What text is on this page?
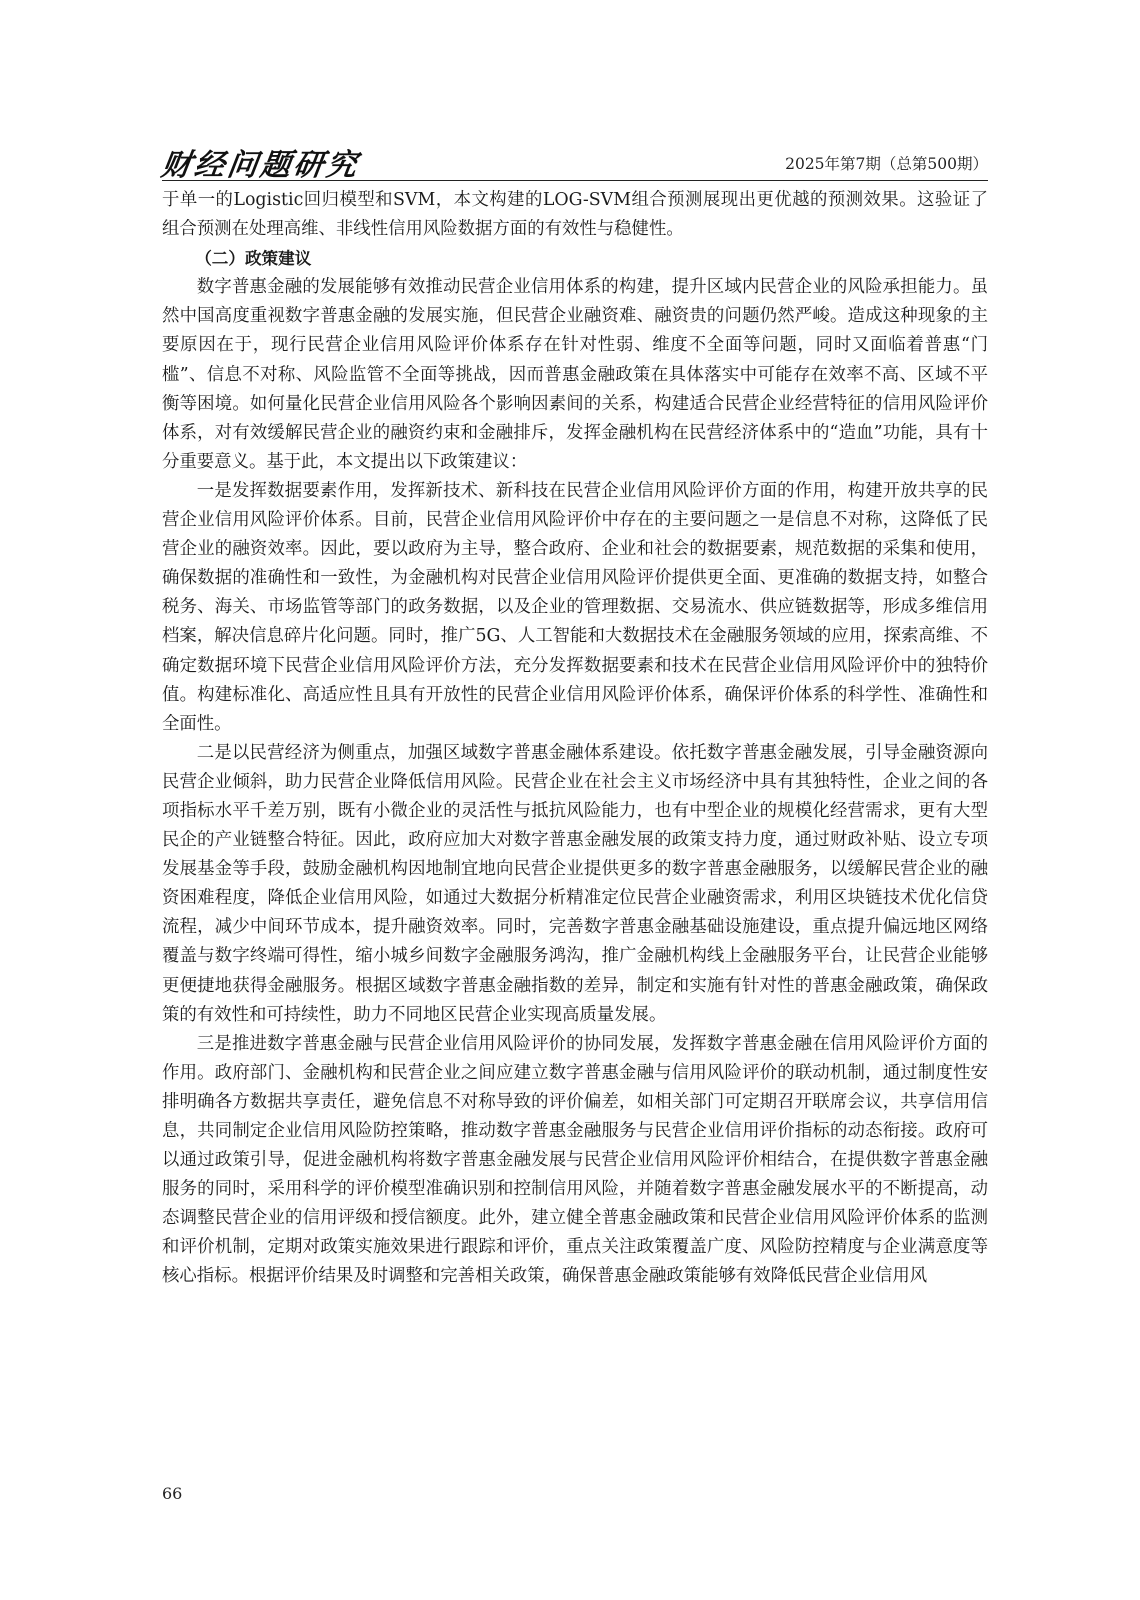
财经问题研究	2025年第7期（总第500期）

于单一的Logistic回归模型和SVM，本文构建的LOG-SVM组合预测展现出更优越的预测效果。这验证了组合预测在处理高维、非线性信用风险数据方面的有效性与稳健性。

（二）政策建议

数字普惠金融的发展能够有效推动民营企业信用体系的构建，提升区域内民营企业的风险承担能力。虽然中国高度重视数字普惠金融的发展实施，但民营企业融资难、融资贵的问题仍然严峻。造成这种现象的主要原因在于，现行民营企业信用风险评价体系存在针对性弱、维度不全面等问题，同时又面临着普惠“门槛”、信息不对称、风险监管不全面等挑战，因而普惠金融政策在具体落实中可能存在效率不高、区域不平衡等困境。如何量化民营企业信用风险各个影响因素间的关系，构建适合民营企业经营特征的信用风险评价体系，对有效缓解民营企业的融资约束和金融排斥，发挥金融机构在民营经济体系中的“造血”功能，具有十分重要意义。基于此，本文提出以下政策建议：

一是发挥数据要素作用，发挥新技术、新科技在民营企业信用风险评价方面的作用，构建开放共享的民营企业信用风险评价体系。目前，民营企业信用风险评价中存在的主要问题之一是信息不对称，这降低了民营企业的融资效率。因此，要以政府为主导，整合政府、企业和社会的数据要素，规范数据的采集和使用，确保数据的准确性和一致性，为金融机构对民营企业信用风险评价提供更全面、更准确的数据支持，如整合税务、海关、市场监管等部门的政务数据，以及企业的管理数据、交易流水、供应链数据等，形成多维信用档案，解决信息碎片化问题。同时，推广5G、人工智能和大数据技术在金融服务领域的应用，探索高维、不确定数据环境下民营企业信用风险评价方法，充分发挥数据要素和技术在民营企业信用风险评价中的独特价值。构建标准化、高适应性且具有开放性的民营企业信用风险评价体系，确保评价体系的科学性、准确性和全面性。

二是以民营经济为侧重点，加强区域数字普惠金融体系建设。依托数字普惠金融发展，引导金融资源向民营企业倾斜，助力民营企业降低信用风险。民营企业在社会主义市场经济中具有其独特性，企业之间的各项指标水平千差万别，既有小微企业的灵活性与抵抗风险能力，也有中型企业的规模化经营需求，更有大型民企的产业链整合特征。因此，政府应加大对数字普惠金融发展的政策支持力度，通过财政补贴、设立专项发展基金等手段，鼓励金融机构因地制宜地向民营企业提供更多的数字普惠金融服务，以缓解民营企业的融资困难程度，降低企业信用风险，如通过大数据分析精准定位民营企业融资需求，利用区块链技术优化信贷流程，减少中间环节成本，提升融资效率。同时，完善数字普惠金融基础设施建设，重点提升偏远地区网络覆盖与数字终端可得性，缩小城乡间数字金融服务鸿沟，推广金融机构线上金融服务平台，让民营企业能够更便捷地获得金融服务。根据区域数字普惠金融指数的差异，制定和实施有针对性的普惠金融政策，确保政策的有效性和可持续性，助力不同地区民营企业实现高质量发展。

三是推进数字普惠金融与民营企业信用风险评价的协同发展，发挥数字普惠金融在信用风险评价方面的作用。政府部门、金融机构和民营企业之间应建立数字普惠金融与信用风险评价的联动机制，通过制度性安排明确各方数据共享责任，避免信息不对称导致的评价偏差，如相关部门可定期召开联席会议，共享信用信息，共同制定企业信用风险防控策略，推动数字普惠金融服务与民营企业信用评价指标的动态衔接。政府可以通过政策引导，促进金融机构将数字普惠金融发展与民营企业信用风险评价相结合，在提供数字普惠金融服务的同时，采用科学的评价模型准确识别和控制信用风险，并随着数字普惠金融发展水平的不断提高，动态调整民营企业的信用评级和授信额度。此外，建立健全普惠金融政策和民营企业信用风险评价体系的监测和评价机制，定期对政策实施效果进行跟踪和评价，重点关注政策覆盖广度、风险防控精度与企业满意度等核心指标。根据评价结果及时调整和完善相关政策，确保普惠金融政策能够有效降低民营企业信用风

66
